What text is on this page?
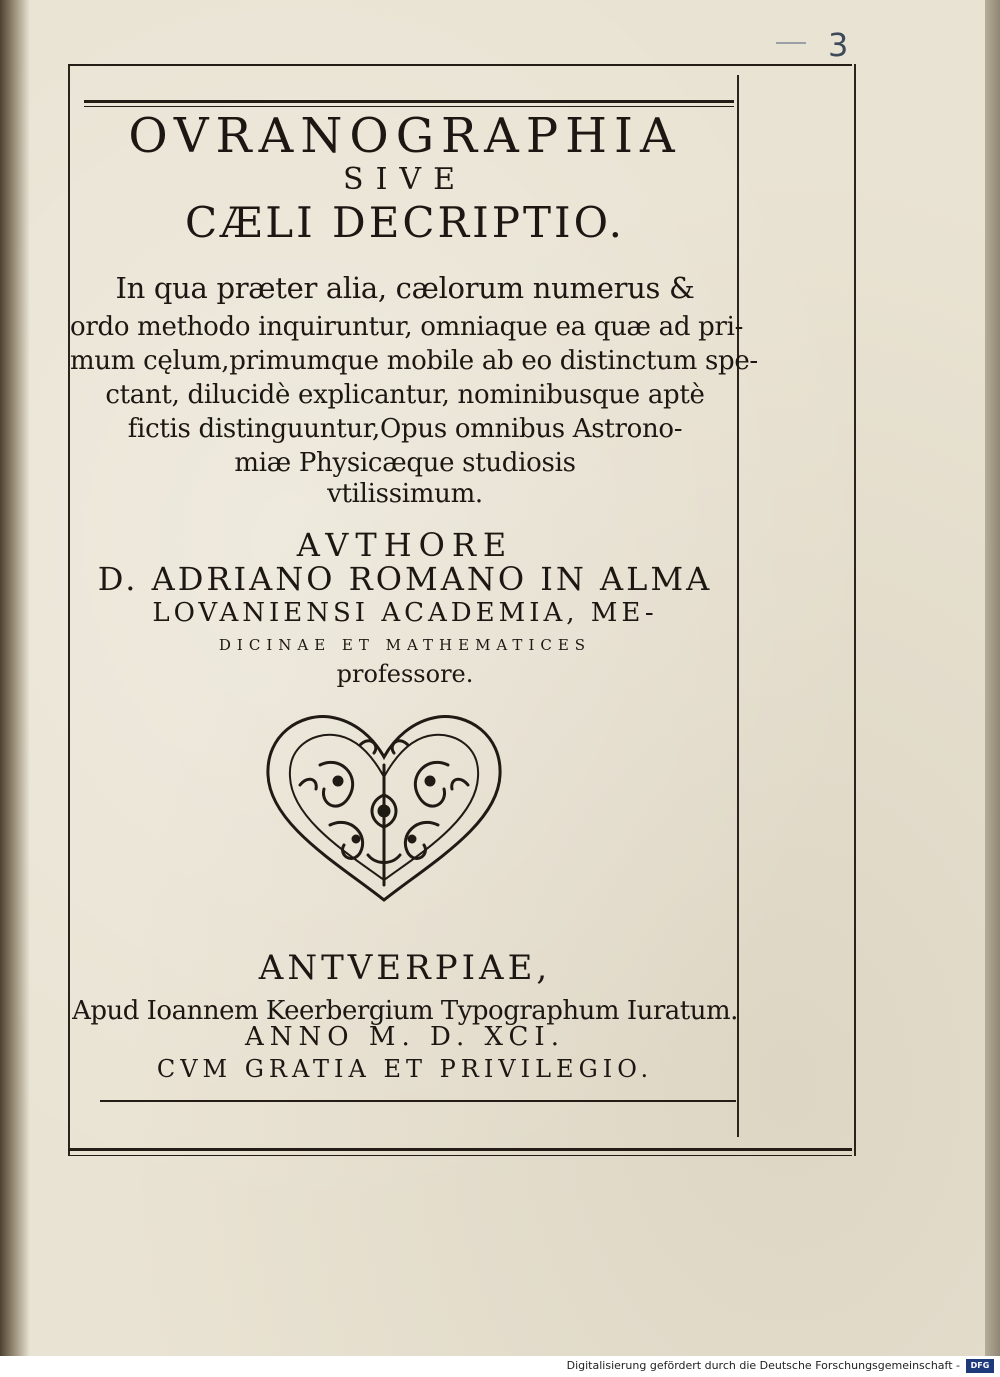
3
OVRANOGRAPHIA
SIVE
CÆLI DECRIPTIO.
In qua præter alia, cælorum numerus &
ordo methodo inquiruntur, omniaque ea quæ ad pri-
mum cęlum,primumque mobile ab eo distinctum spe-
ctant, dilucidè explicantur, nominibusque aptè
fictis distinguuntur,Opus omnibus Astrono-
miæ Physicæque studiosis
vtilissimum.
AVTHORE
D. ADRIANO ROMANO IN ALMA
LOVANIENSI ACADEMIA, ME-
DICINAE ET MATHEMATICES
professore.
ANTVERPIAE,
Apud Ioannem Keerbergium Typographum Iuratum.
ANNO M. D. XCI.
CVM GRATIA ET PRIVILEGIO.
Digitalisierung gefördert durch die Deutsche Forschungsgemeinschaft -	DFG
